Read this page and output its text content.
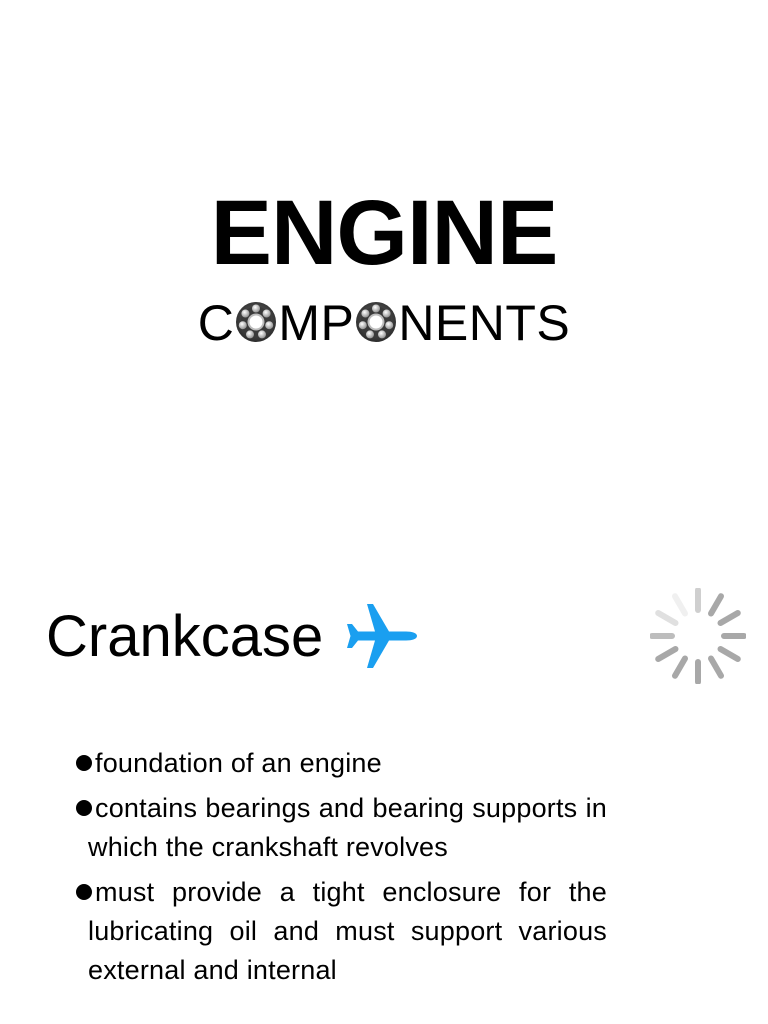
ENGINE
C MP NENTS
Crankcase
foundation of an engine
contains bearings and bearing supports in which the crankshaft revolves
must provide a tight enclosure for the lubricating oil and must support various external and internal
